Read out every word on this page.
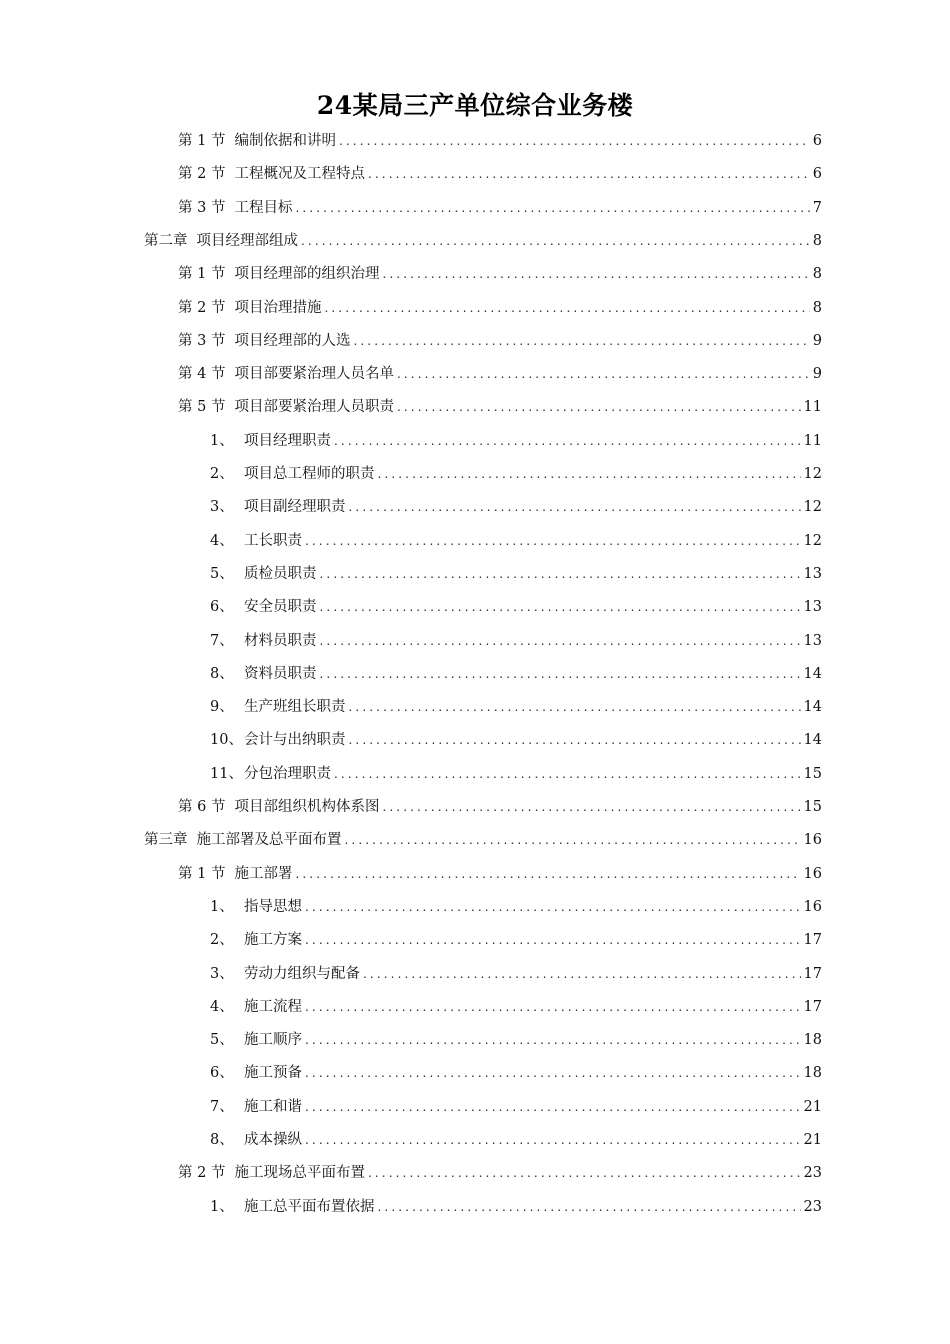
24某局三产单位综合业务楼
第 1 节 编制依据和讲明 .....	6
第 2 节 工程概况及工程特点 .....	6
第 3 节 工程目标 .....	7
第二章 项目经理部组成 .....	8
第 1 节 项目经理部的组织治理 .....	8
第 2 节 项目治理措施 .....	8
第 3 节 项目经理部的人选 .....	9
第 4 节 项目部要紧治理人员名单 .....	9
第 5 节 项目部要紧治理人员职责 .....	11
1、 项目经理职责 .....	11
2、 项目总工程师的职责 .....	12
3、 项目副经理职责 .....	12
4、 工长职责 .....	12
5、 质检员职责 .....	13
6、 安全员职责 .....	13
7、 材料员职责 .....	13
8、 资料员职责 .....	14
9、 生产班组长职责 .....	14
10、 会计与出纳职责 .....	14
11、 分包治理职责 .....	15
第 6 节 项目部组织机构体系图 .....	15
第三章 施工部署及总平面布置 .....	16
第 1 节 施工部署 .....	16
1、 指导思想 .....	16
2、 施工方案 .....	17
3、 劳动力组织与配备 .....	17
4、 施工流程 .....	17
5、 施工顺序 .....	18
6、 施工预备 .....	18
7、 施工和谐 .....	21
8、 成本操纵 .....	21
第 2 节 施工现场总平面布置 .....	23
1、 施工总平面布置依据 .....	23
